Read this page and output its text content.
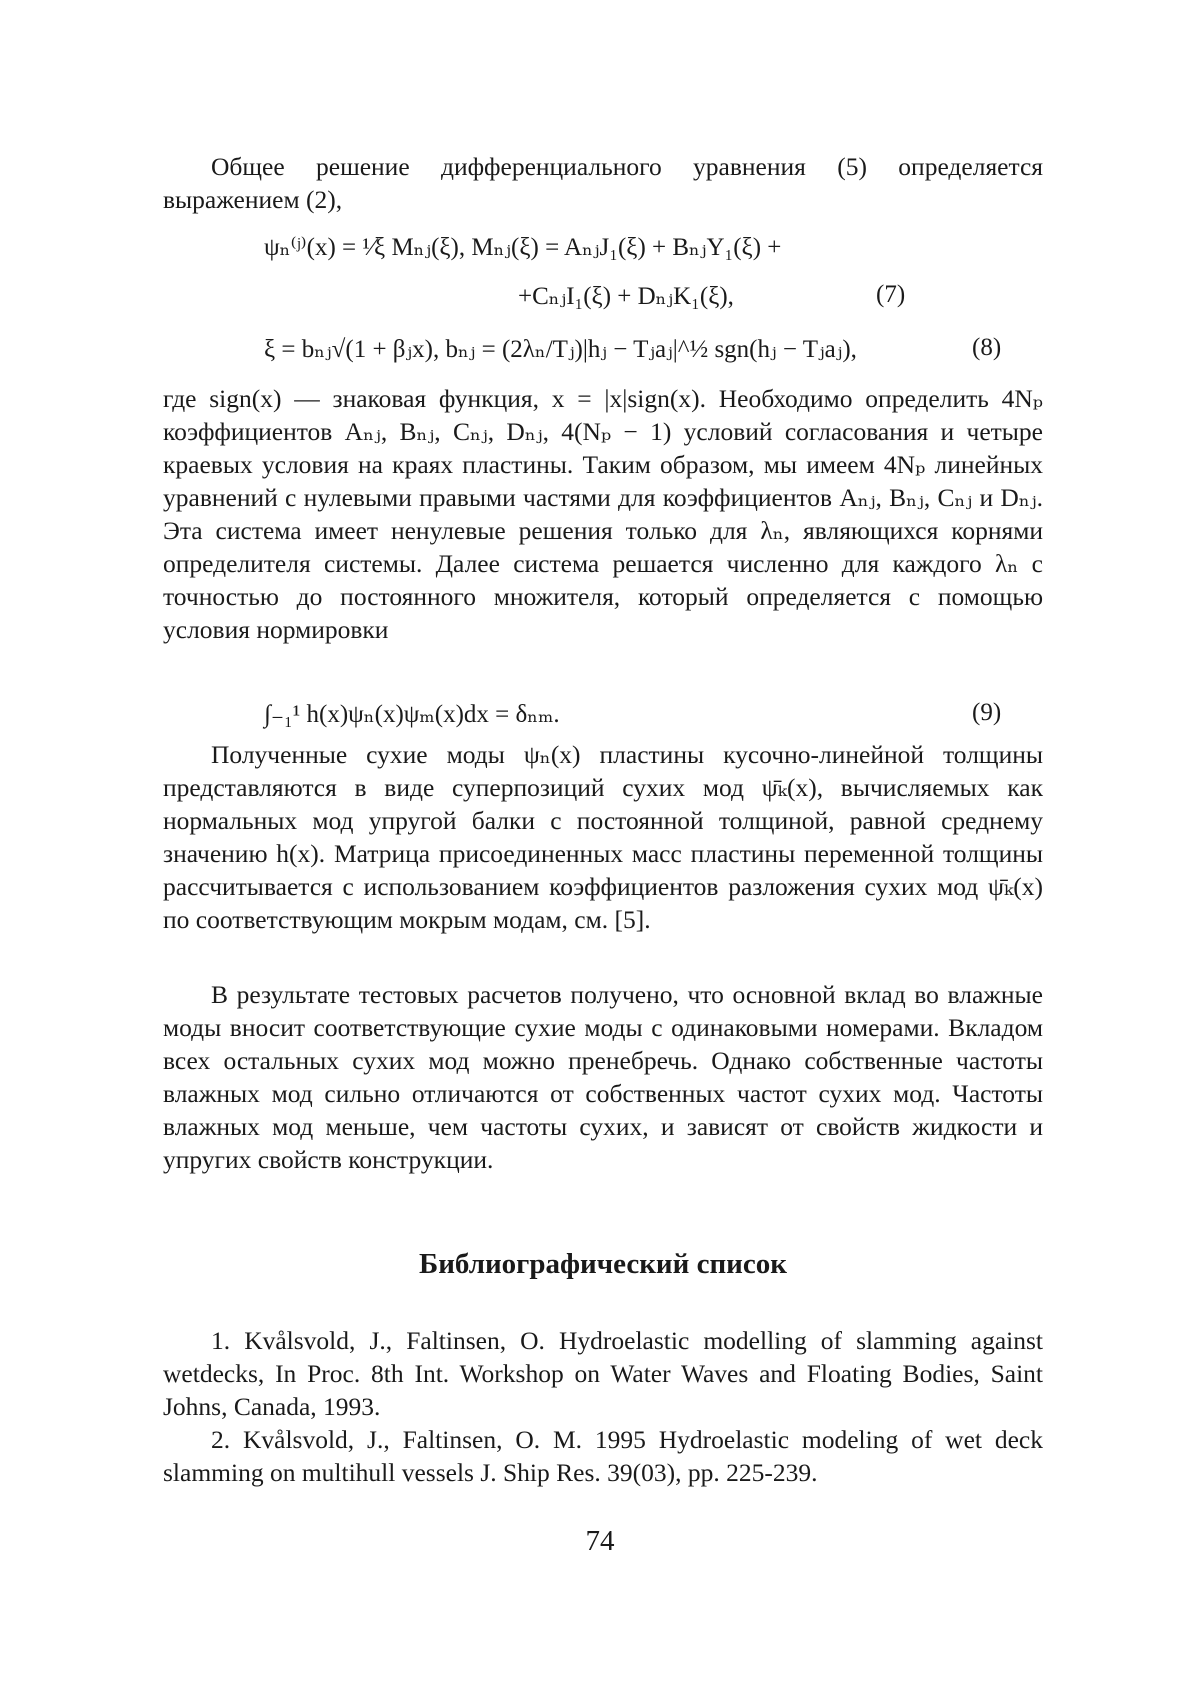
Общее решение дифференциального уравнения (5) определяется выражением (2),

ψₙ⁽ʲ⁾(x) = ¹⁄ξ Mₙⱼ(ξ), Mₙⱼ(ξ) = AₙⱼJ₁(ξ) + BₙⱼY₁(ξ) +
+CₙⱼI₁(ξ) + DₙⱼK₁(ξ),	(7)
ξ = bₙⱼ√(1 + βⱼx), bₙⱼ = (2λₙ/Tⱼ)|hⱼ − Tⱼaⱼ|^½ sgn(hⱼ − Tⱼaⱼ),	(8)

где sign(x) — знаковая функция, x = |x|sign(x). Необходимо определить 4Nₚ коэффициентов Aₙⱼ, Bₙⱼ, Cₙⱼ, Dₙⱼ, 4(Nₚ − 1) условий согласования и четыре краевых условия на краях пластины. Таким образом, мы имеем 4Nₚ линейных уравнений с нулевыми правыми частями для коэффициентов Aₙⱼ, Bₙⱼ, Cₙⱼ и Dₙⱼ. Эта система имеет ненулевые решения только для λₙ, являющихся корнями определителя системы. Далее система решается численно для каждого λₙ с точностью до постоянного множителя, который определяется с помощью условия нормировки

∫₋₁¹ h(x)ψₙ(x)ψₘ(x)dx = δₙₘ.	(9)

Полученные сухие моды ψₙ(x) пластины кусочно-линейной толщины представляются в виде суперпозиций сухих мод ψ̄ₖ(x), вычисляемых как нормальных мод упругой балки с постоянной толщиной, равной среднему значению h(x). Матрица присоединенных масс пластины переменной толщины рассчитывается с использованием коэффициентов разложения сухих мод ψ̄ₖ(x) по соответствующим мокрым модам, см. [5].

В результате тестовых расчетов получено, что основной вклад во влажные моды вносит соответствующие сухие моды с одинаковыми номерами. Вкладом всех остальных сухих мод можно пренебречь. Однако собственные частоты влажных мод сильно отличаются от собственных частот сухих мод. Частоты влажных мод меньше, чем частоты сухих, и зависят от свойств жидкости и упругих свойств конструкции.

Библиографический список

1. Kvålsvold, J., Faltinsen, O. Hydroelastic modelling of slamming against wetdecks, In Proc. 8th Int. Workshop on Water Waves and Floating Bodies, Saint Johns, Canada, 1993.

2. Kvålsvold, J., Faltinsen, O. M. 1995 Hydroelastic modeling of wet deck slamming on multihull vessels J. Ship Res. 39(03), pp. 225-239.

74
